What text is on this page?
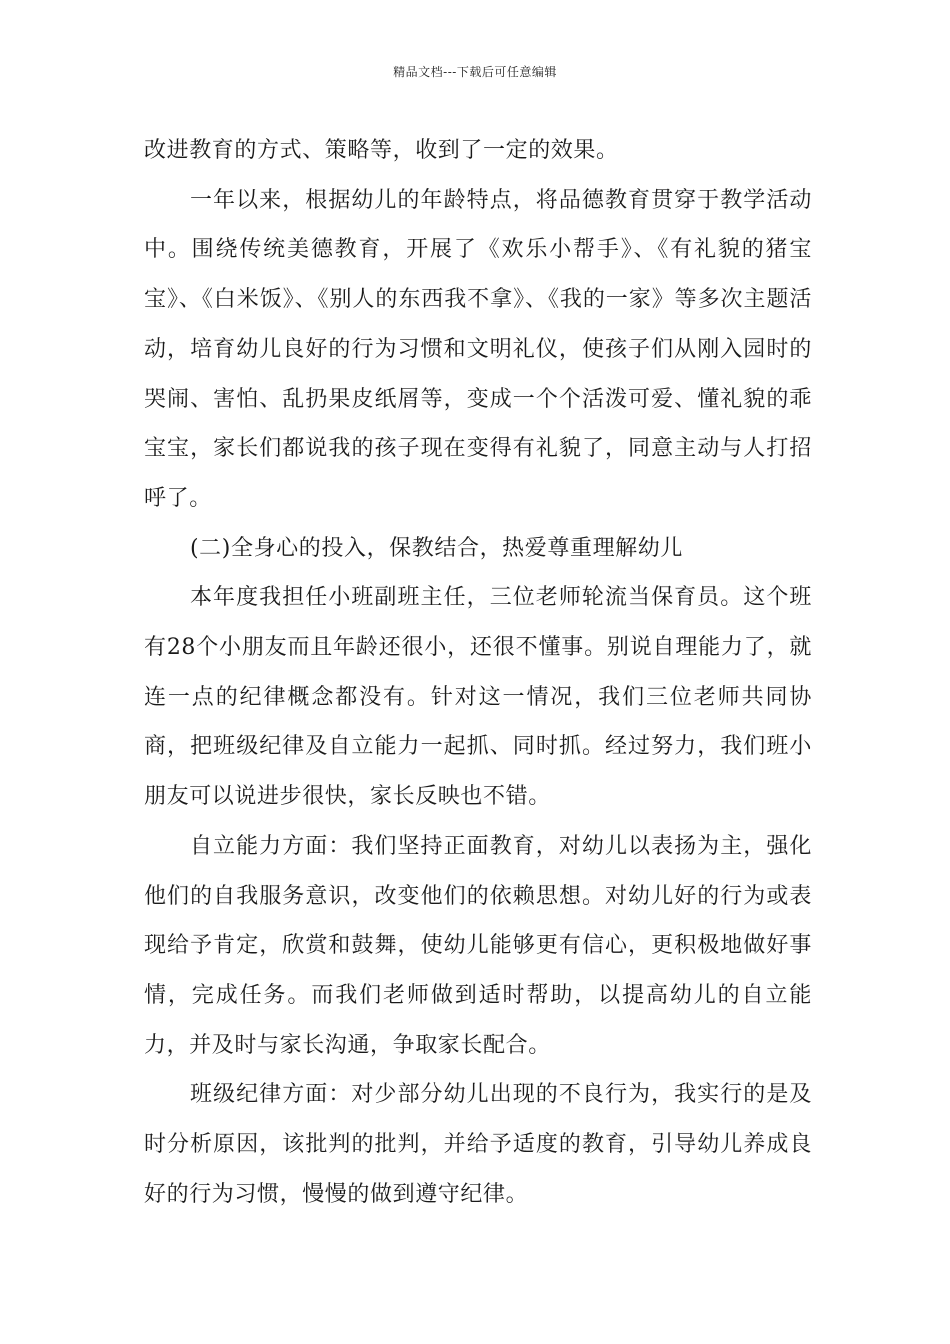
精品文档---下载后可任意编辑

改进教育的方式、策略等，收到了一定的效果。

一年以来，根据幼儿的年龄特点，将品德教育贯穿于教学活动中。围绕传统美德教育，开展了《欢乐小帮手》、《有礼貌的猪宝宝》、《白米饭》、《别人的东西我不拿》、《我的一家》等多次主题活动，培育幼儿良好的行为习惯和文明礼仪，使孩子们从刚入园时的哭闹、害怕、乱扔果皮纸屑等，变成一个个活泼可爱、懂礼貌的乖宝宝，家长们都说我的孩子现在变得有礼貌了，同意主动与人打招呼了。

(二)全身心的投入，保教结合，热爱尊重理解幼儿

本年度我担任小班副班主任，三位老师轮流当保育员。这个班有28个小朋友而且年龄还很小，还很不懂事。别说自理能力了，就连一点的纪律概念都没有。针对这一情况，我们三位老师共同协商，把班级纪律及自立能力一起抓、同时抓。经过努力，我们班小朋友可以说进步很快，家长反映也不错。

自立能力方面：我们坚持正面教育，对幼儿以表扬为主，强化他们的自我服务意识，改变他们的依赖思想。对幼儿好的行为或表现给予肯定，欣赏和鼓舞，使幼儿能够更有信心，更积极地做好事情，完成任务。而我们老师做到适时帮助，以提高幼儿的自立能力，并及时与家长沟通，争取家长配合。

班级纪律方面：对少部分幼儿出现的不良行为，我实行的是及时分析原因，该批判的批判，并给予适度的教育，引导幼儿养成良好的行为习惯，慢慢的做到遵守纪律。
